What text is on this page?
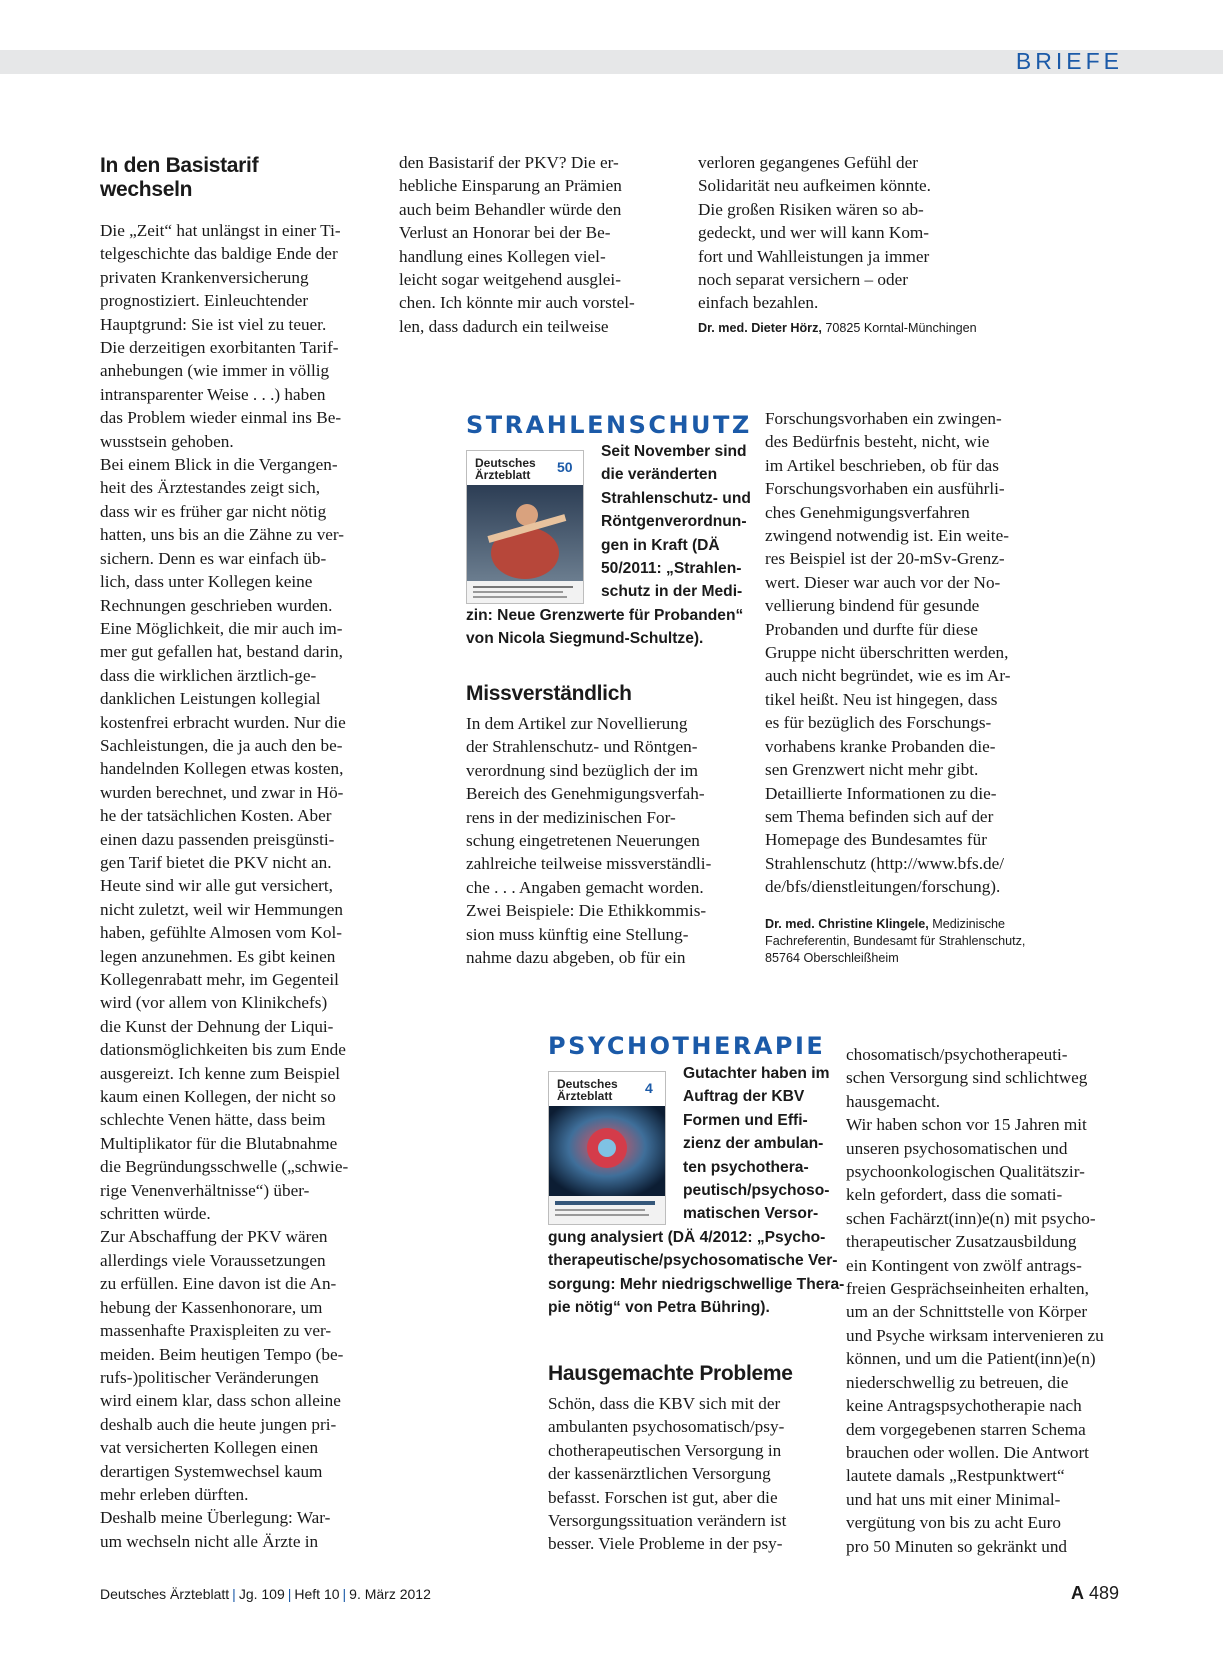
BRIEFE
In den Basistarif
wechseln
Die „Zeit“ hat unlängst in einer Ti-
telgeschichte das baldige Ende der
privaten Krankenversicherung
prognostiziert. Einleuchtender
Hauptgrund: Sie ist viel zu teuer.
Die derzeitigen exorbitanten Tarif-
anhebungen (wie immer in völlig
intransparenter Weise . . .) haben
das Problem wieder einmal ins Be-
wusstsein gehoben.
Bei einem Blick in die Vergangen-
heit des Ärztestandes zeigt sich,
dass wir es früher gar nicht nötig
hatten, uns bis an die Zähne zu ver-
sichern. Denn es war einfach üb-
lich, dass unter Kollegen keine
Rechnungen geschrieben wurden.
Eine Möglichkeit, die mir auch im-
mer gut gefallen hat, bestand darin,
dass die wirklichen ärztlich-ge-
danklichen Leistungen kollegial
kostenfrei erbracht wurden. Nur die
Sachleistungen, die ja auch den be-
handelnden Kollegen etwas kosten,
wurden berechnet, und zwar in Hö-
he der tatsächlichen Kosten. Aber
einen dazu passenden preisgünsti-
gen Tarif bietet die PKV nicht an.
Heute sind wir alle gut versichert,
nicht zuletzt, weil wir Hemmungen
haben, gefühlte Almosen vom Kol-
legen anzunehmen. Es gibt keinen
Kollegenrabatt mehr, im Gegenteil
wird (vor allem von Klinikchefs)
die Kunst der Dehnung der Liqui-
dationsmöglichkeiten bis zum Ende
ausgereizt. Ich kenne zum Beispiel
kaum einen Kollegen, der nicht so
schlechte Venen hätte, dass beim
Multiplikator für die Blutabnahme
die Begründungsschwelle („schwie-
rige Venenverhältnisse“) über-
schritten würde.
Zur Abschaffung der PKV wären
allerdings viele Voraussetzungen
zu erfüllen. Eine davon ist die An-
hebung der Kassenhonorare, um
massenhafte Praxispleiten zu ver-
meiden. Beim heutigen Tempo (be-
rufs-)politischer Veränderungen
wird einem klar, dass schon alleine
deshalb auch die heute jungen pri-
vat versicherten Kollegen einen
derartigen Systemwechsel kaum
mehr erleben dürften.
Deshalb meine Überlegung: War-
um wechseln nicht alle Ärzte in
den Basistarif der PKV? Die er-
hebliche Einsparung an Prämien
auch beim Behandler würde den
Verlust an Honorar bei der Be-
handlung eines Kollegen viel-
leicht sogar weitgehend ausglei-
chen. Ich könnte mir auch vorstel-
len, dass dadurch ein teilweise
verloren gegangenes Gefühl der
Solidarität neu aufkeimen könnte.
Die großen Risiken wären so ab-
gedeckt, und wer will kann Kom-
fort und Wahlleistungen ja immer
noch separat versichern – oder
einfach bezahlen.
Dr. med. Dieter Hörz, 70825 Korntal-Münchingen
STRAHLENSCHUTZ
Deutsches
Ärzteblatt	50
Seit November sind
die veränderten
Strahlenschutz- und
Röntgenverordnun-
gen in Kraft (DÄ
50/2011: „Strahlen-
schutz in der Medi-
zin: Neue Grenzwerte für Probanden“
von Nicola Siegmund-Schultze).
Missverständlich
In dem Artikel zur Novellierung
der Strahlenschutz- und Röntgen-
verordnung sind bezüglich der im
Bereich des Genehmigungsverfah-
rens in der medizinischen For-
schung eingetretenen Neuerungen
zahlreiche teilweise missverständli-
che . . . Angaben gemacht worden.
Zwei Beispiele: Die Ethikkommis-
sion muss künftig eine Stellung-
nahme dazu abgeben, ob für ein
Forschungsvorhaben ein zwingen-
des Bedürfnis besteht, nicht, wie
im Artikel beschrieben, ob für das
Forschungsvorhaben ein ausführli-
ches Genehmigungsverfahren
zwingend notwendig ist. Ein weite-
res Beispiel ist der 20-mSv-Grenz-
wert. Dieser war auch vor der No-
vellierung bindend für gesunde
Probanden und durfte für diese
Gruppe nicht überschritten werden,
auch nicht begründet, wie es im Ar-
tikel heißt. Neu ist hingegen, dass
es für bezüglich des Forschungs-
vorhabens kranke Probanden die-
sen Grenzwert nicht mehr gibt.
Detaillierte Informationen zu die-
sem Thema befinden sich auf der
Homepage des Bundesamtes für
Strahlenschutz (http://www.bfs.de/
de/bfs/dienstleitungen/forschung).
Dr. med. Christine Klingele, Medizinische
Fachreferentin, Bundesamt für Strahlenschutz,
85764 Oberschleißheim
PSYCHOTHERAPIE
Deutsches
Ärzteblatt	4
Gutachter haben im
Auftrag der KBV
Formen und Effi-
zienz der ambulan-
ten psychothera-
peutisch/psychoso-
matischen Versor-
gung analysiert (DÄ 4/2012: „Psycho-
therapeutische/psychosomatische Ver-
sorgung: Mehr niedrigschwellige Thera-
pie nötig“ von Petra Bühring).
Hausgemachte Probleme
Schön, dass die KBV sich mit der
ambulanten psychosomatisch/psy-
chotherapeutischen Versorgung in
der kassenärztlichen Versorgung
befasst. Forschen ist gut, aber die
Versorgungssituation verändern ist
besser. Viele Probleme in der psy-
chosomatisch/psychotherapeuti-
schen Versorgung sind schlichtweg
hausgemacht.
Wir haben schon vor 15 Jahren mit
unseren psychosomatischen und
psychoonkologischen Qualitätszir-
keln gefordert, dass die somati-
schen Fachärzt(inn)e(n) mit psycho-
therapeutischer Zusatzausbildung
ein Kontingent von zwölf antrags-
freien Gesprächseinheiten erhalten,
um an der Schnittstelle von Körper
und Psyche wirksam intervenieren zu
können, und um die Patient(inn)e(n)
niederschwellig zu betreuen, die
keine Antragspsychotherapie nach
dem vorgegebenen starren Schema
brauchen oder wollen. Die Antwort
lautete damals „Restpunktwert“
und hat uns mit einer Minimal-
vergütung von bis zu acht Euro
pro 50 Minuten so gekränkt und
Deutsches Ärzteblatt | Jg. 109 | Heft 10 | 9. März 2012	A 489
